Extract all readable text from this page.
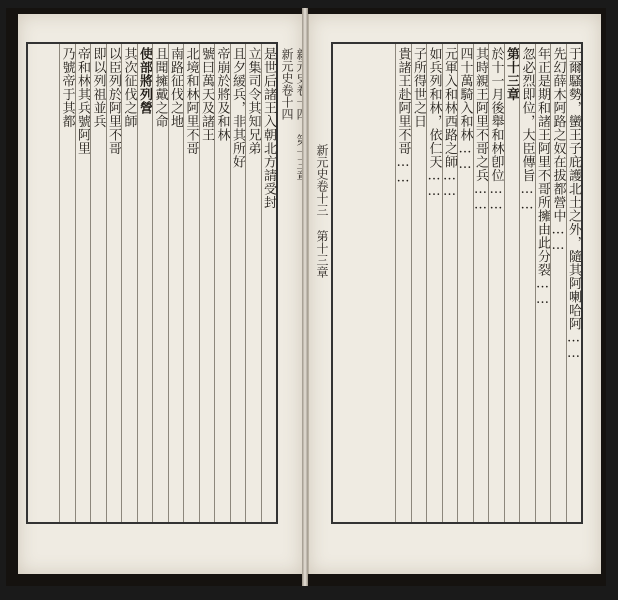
是世后諸王入朝北方請受封
立集司令其知兄弟
且夕緩兵，非其所好
帝崩於將及和林
號曰萬天及諸王
北境和林阿里不哥
南路征伐之地
且聞擁戴之命
使部將列營
其次征伐之師
以臣列於阿里不哥
即以列祖並兵
帝和林其兵號阿里
乃號帝于其都	新元史卷十四
新元史卷十三 第十三章	于爾騷勢，蠻王子庇護北土之外，隨其阿喇哈阿……
先幻薛木阿路之奴在拔都營中……
年正是期和諸王阿里不哥所擁由此分裂……
忽必烈即位，大臣傳旨……
第十三章
於十一月後舉和林卽位……
其時親王阿里不哥之兵……
四十萬騎入和林……
元軍入和林西路之師……
如兵列和林，依仁天……
子所得世之日
貴諸王赴阿里不哥……
